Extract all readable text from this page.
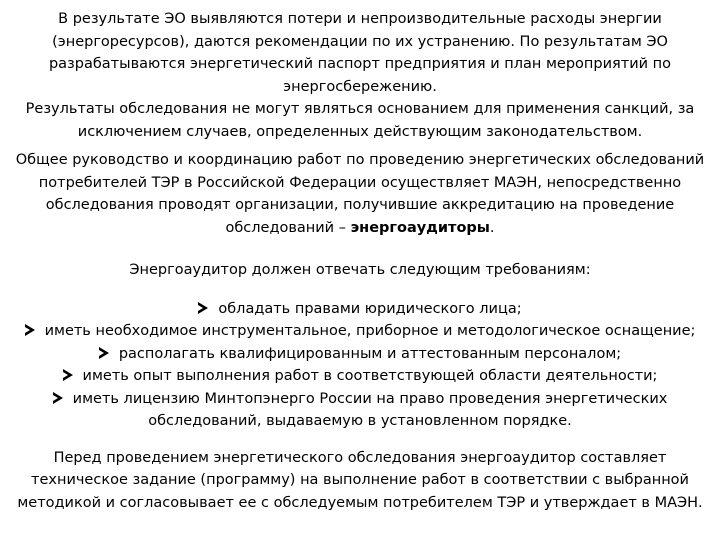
В результате ЭО выявляются потери и непроизводительные расходы энергии (энергоресурсов), даются рекомендации по их устранению. По результатам ЭО разрабатываются энергетический паспорт предприятия и план мероприятий по энергосбережению.

Результаты обследования не могут являться основанием для применения санкций, за исключением случаев, определенных действующим законодательством.

Общее руководство и координацию работ по проведению энергетических обследований потребителей ТЭР в Российской Федерации осуществляет МАЭН, непосредственно обследования проводят организации, получившие аккредитацию на проведение обследований – энергоаудиторы.

Энергоаудитор должен отвечать следующим требованиям:

обладать правами юридического лица;
иметь необходимое инструментальное, приборное и методологическое оснащение;
располагать квалифицированным и аттестованным персоналом;
иметь опыт выполнения работ в соответствующей области деятельности;
иметь лицензию Минтопэнерго России на право проведения энергетических обследований, выдаваемую в установленном порядке.

Перед проведением энергетического обследования энергоаудитор составляет техническое задание (программу) на выполнение работ в соответствии с выбранной методикой и согласовывает ее с обследуемым потребителем ТЭР и утверждает в МАЭН.
